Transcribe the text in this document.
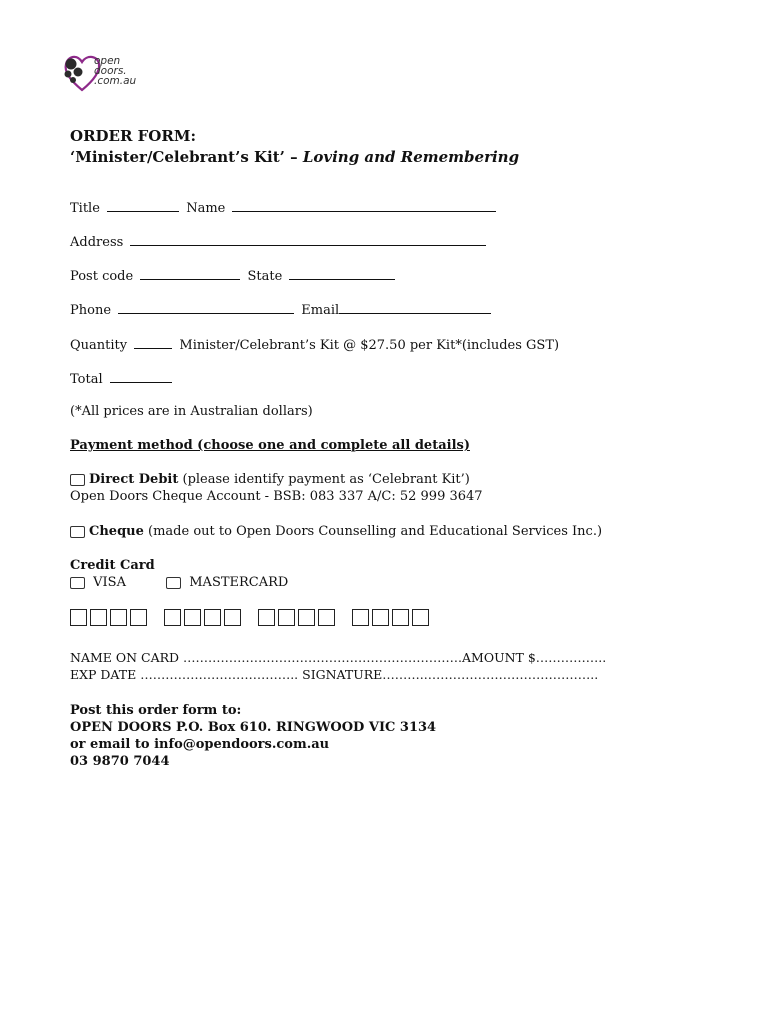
open
doors.
.com.au
ORDER FORM:
‘Minister/Celebrant’s Kit’ – Loving and Remembering
Title	Name
Address
Post code	State
Phone	Email
Quantity	Minister/Celebrant’s Kit @ $27.50 per Kit*(includes GST)
Total
(*All prices are in Australian dollars)
Payment method (choose one and complete all details)
Direct Debit (please identify payment as ‘Celebrant Kit’)
Open Doors Cheque Account - BSB: 083 337 A/C: 52 999 3647
Cheque (made out to Open Doors Counselling and Educational Services Inc.)
Credit Card
VISA	MASTERCARD
NAME ON CARD ………………………………………………………….AMOUNT $……………..
EXP DATE ……………………………….. SIGNATURE………..…………………………………..
Post this order form to:
OPEN DOORS P.O. Box 610. RINGWOOD VIC 3134
or email to info@opendoors.com.au
03 9870 7044
